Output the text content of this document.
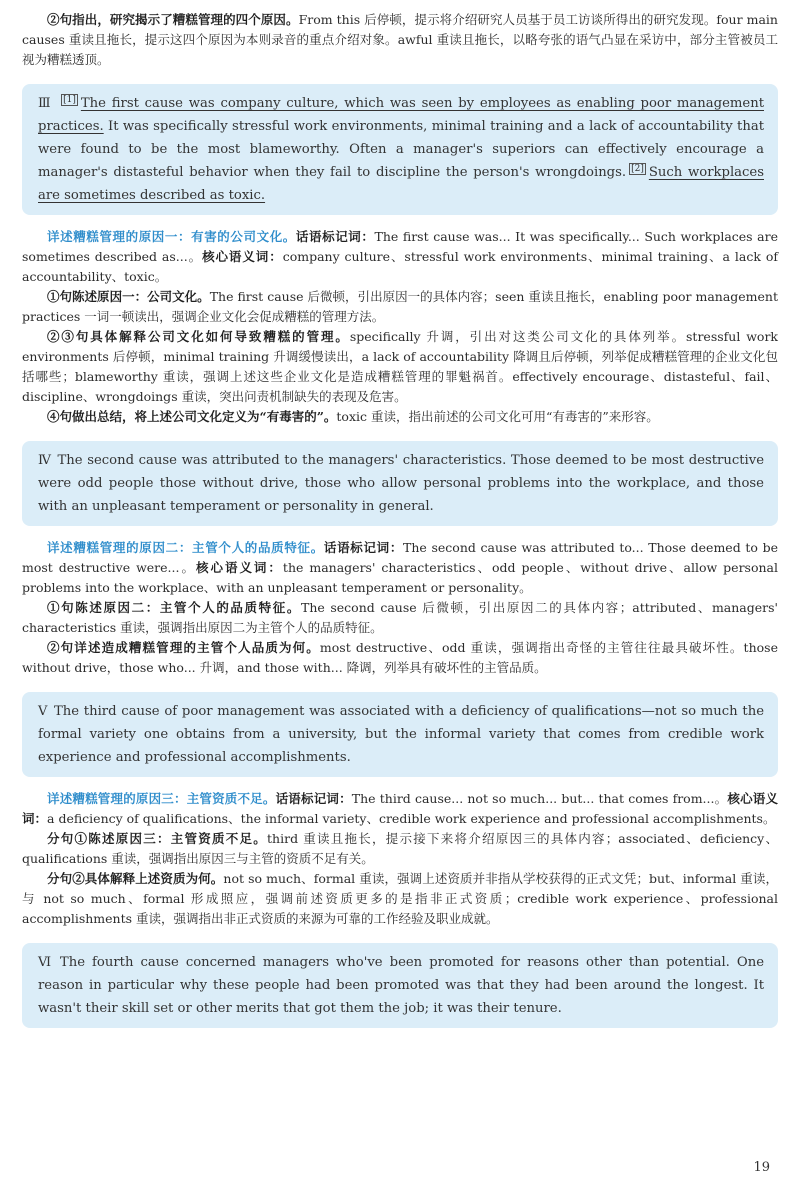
②句指出，研究揭示了糟糕管理的四个原因。From this 后停顿，提示将介绍研究人员基于员工访谈所得出的研究发现。four main causes 重读且拖长，提示这四个原因为本则录音的重点介绍对象。awful 重读且拖长，以略夸张的语气凸显在采访中，部分主管被员工视为糟糕透顶。

Ⅲ [1] The first cause was company culture, which was seen by employees as enabling poor management practices. It was specifically stressful work environments, minimal training and a lack of accountability that were found to be the most blameworthy. Often a manager's superiors can effectively encourage a manager's distasteful behavior when they fail to discipline the person's wrongdoings. [2] Such workplaces are sometimes described as toxic.

详述糟糕管理的原因一：有害的公司文化。话语标记词：The first cause was... It was specifically... Such workplaces are sometimes described as...。核心语义词：company culture、stressful work environments、minimal training、a lack of accountability、toxic。

①句陈述原因一：公司文化。The first cause 后微顿，引出原因一的具体内容；seen 重读且拖长，enabling poor management practices 一词一顿读出，强调企业文化会促成糟糕的管理方法。

②③句具体解释公司文化如何导致糟糕的管理。specifically 升调，引出对这类公司文化的具体列举。stressful work environments 后停顿，minimal training 升调缓慢读出，a lack of accountability 降调且后停顿，列举促成糟糕管理的企业文化包括哪些；blameworthy 重读，强调上述这些企业文化是造成糟糕管理的罪魁祸首。effectively encourage、distasteful、fail、discipline、wrongdoings 重读，突出问责机制缺失的表现及危害。

④句做出总结，将上述公司文化定义为“有毒害的”。toxic 重读，指出前述的公司文化可用“有毒害的”来形容。

Ⅳ The second cause was attributed to the managers' characteristics. Those deemed to be most destructive were odd people those without drive, those who allow personal problems into the workplace, and those with an unpleasant temperament or personality in general.

详述糟糕管理的原因二：主管个人的品质特征。话语标记词：The second cause was attributed to... Those deemed to be most destructive were...。核心语义词：the managers' characteristics、odd people、without drive、allow personal problems into the workplace、with an unpleasant temperament or personality。

①句陈述原因二：主管个人的品质特征。The second cause 后微顿，引出原因二的具体内容；attributed、managers' characteristics 重读，强调指出原因二为主管个人的品质特征。

②句详述造成糟糕管理的主管个人品质为何。most destructive、odd 重读，强调指出奇怪的主管往往最具破坏性。those without drive，those who... 升调，and those with... 降调，列举具有破坏性的主管品质。

Ⅴ The third cause of poor management was associated with a deficiency of qualifications—not so much the formal variety one obtains from a university, but the informal variety that comes from credible work experience and professional accomplishments.

详述糟糕管理的原因三：主管资质不足。话语标记词：The third cause... not so much... but... that comes from...。核心语义词：a deficiency of qualifications、the informal variety、credible work experience and professional accomplishments。

分句①陈述原因三：主管资质不足。third 重读且拖长，提示接下来将介绍原因三的具体内容；associated、deficiency、qualifications 重读，强调指出原因三与主管的资质不足有关。

分句②具体解释上述资质为何。not so much、formal 重读，强调上述资质并非指从学校获得的正式文凭；but、informal 重读，与 not so much、formal 形成照应，强调前述资质更多的是指非正式资质；credible work experience、professional accomplishments 重读，强调指出非正式资质的来源为可靠的工作经验及职业成就。

Ⅵ The fourth cause concerned managers who've been promoted for reasons other than potential. One reason in particular why these people had been promoted was that they had been around the longest. It wasn't their skill set or other merits that got them the job; it was their tenure.
19
